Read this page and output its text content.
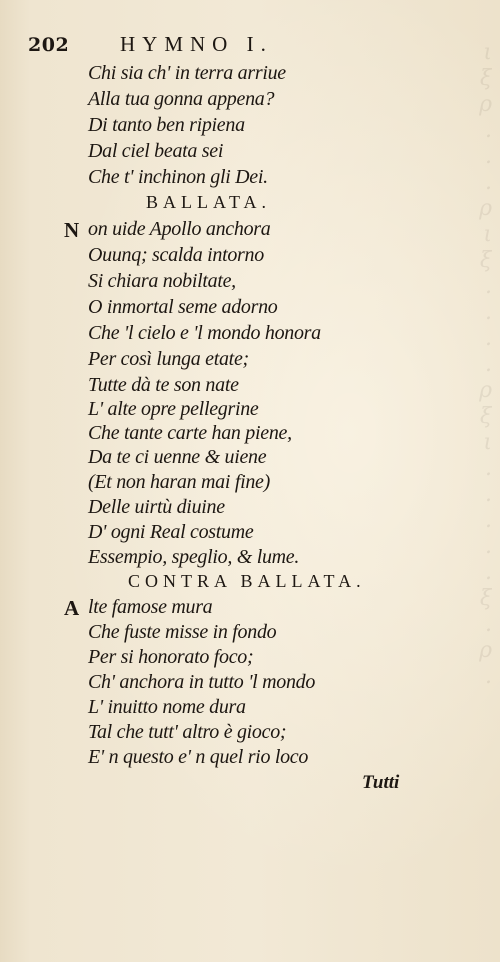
ι
ξ
ρ
.
.
.
ρ
ι
ξ
.
.
.
.
ρ
ξ
ι
.
.
.
.
.
ξ
.
ρ
.
202 HYMNO I.
Chi sia ch' in terra arriue
Alla tua gonna appena?
Di tanto ben ripiena
Dal ciel beata sei
Che t' inchinon gli Dei.
BALLATA.
N on uide Apollo anchora
Ouunq; scalda intorno
Si chiara nobiltate,
O inmortal seme adorno
Che 'l cielo e 'l mondo honora
Per così lunga etate;
Tutte dà te son nate
L' alte opre pellegrine
Che tante carte han piene,
Da te ci uenne & uiene
(Et non haran mai fine)
Delle uirtù diuine
D' ogni Real costume
Essempio, speglio, & lume.
CONTRA BALLATA.
A lte famose mura
Che fuste misse in fondo
Per si honorato foco;
Ch' anchora in tutto 'l mondo
L' inuitto nome dura
Tal che tutt' altro è gioco;
E' n questo e' n quel rio loco
Tutti
